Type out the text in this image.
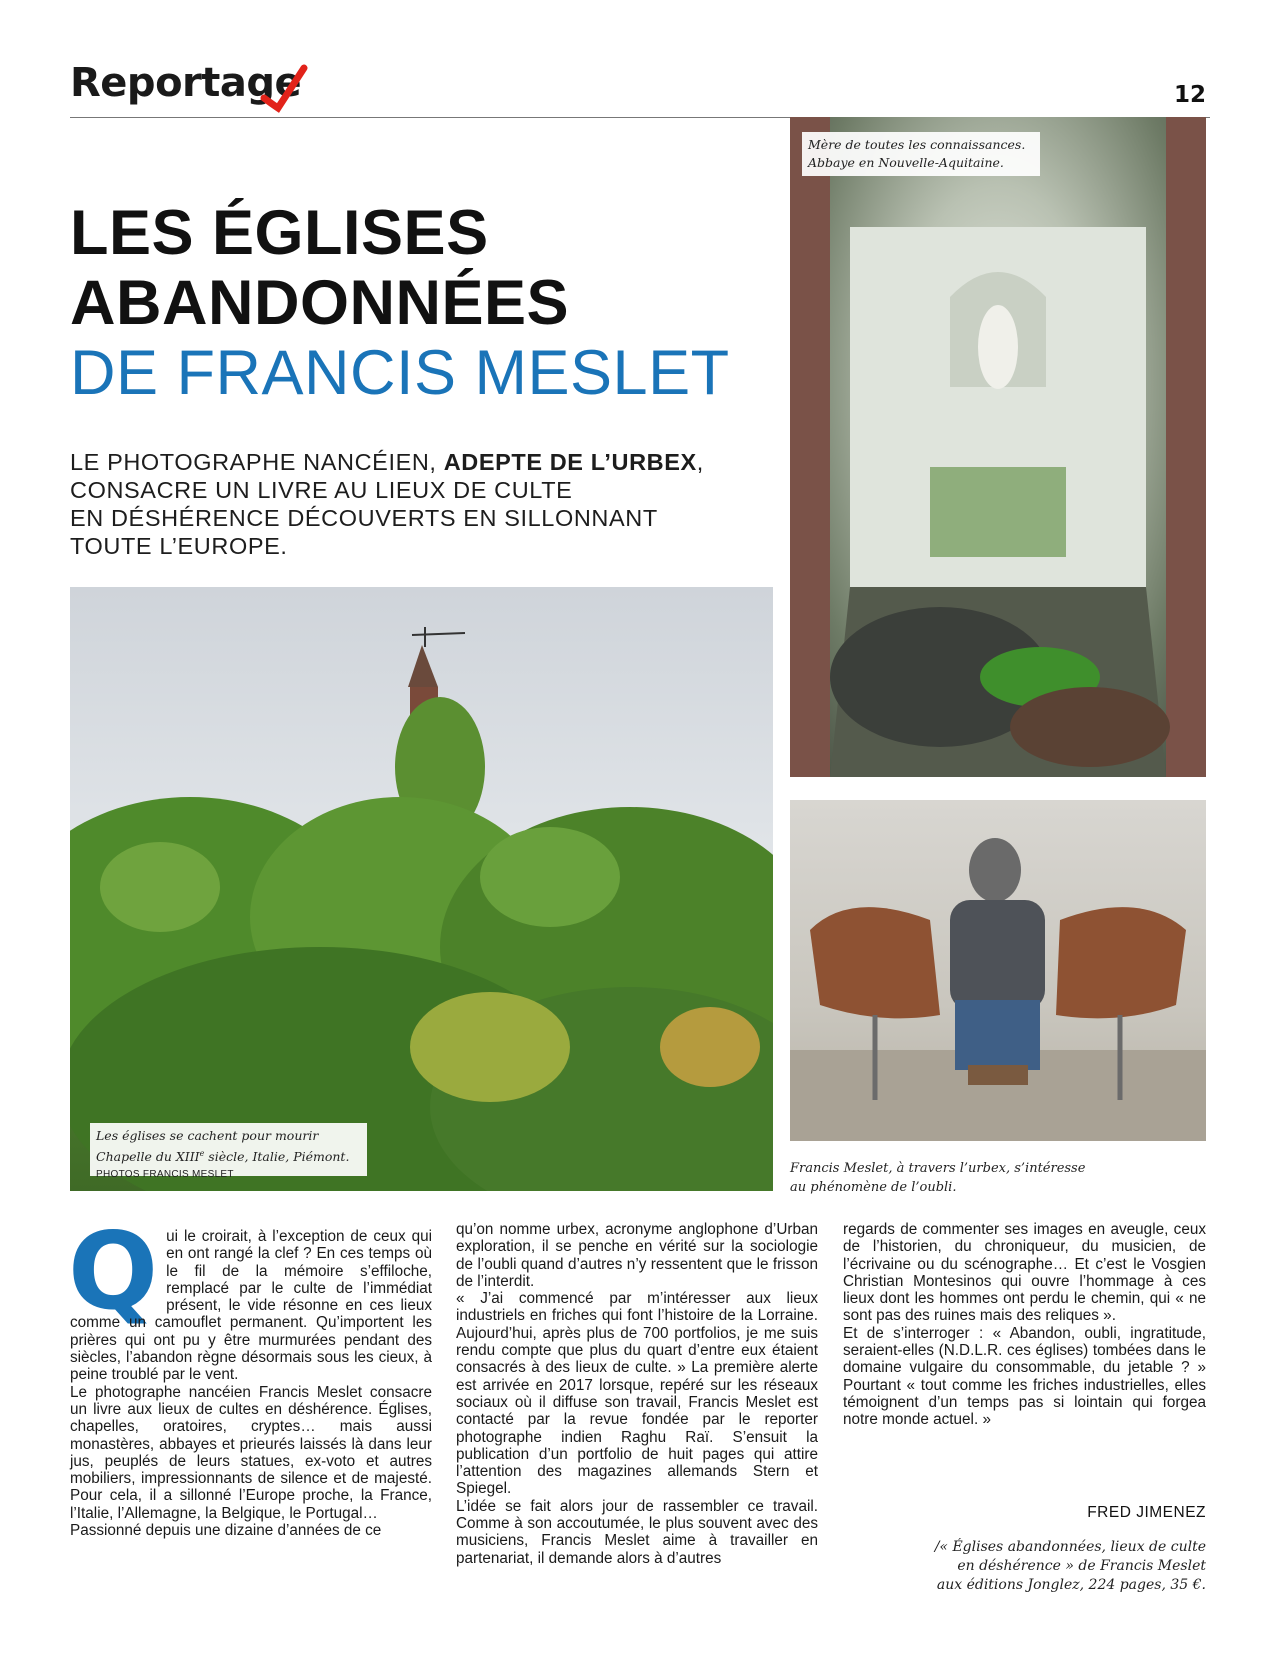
Reportage	12
LES ÉGLISES
ABANDONNÉES
DE FRANCIS MESLET
LE PHOTOGRAPHE NANCÉIEN, ADEPTE DE L’URBEX,
CONSACRE UN LIVRE AU LIEUX DE CULTE
EN DÉSHÉRENCE DÉCOUVERTS EN SILLONNANT
TOUTE L’EUROPE.
Les églises se cachent pour mourir
Chapelle du XIIIe siècle, Italie, Piémont.
PHOTOS FRANCIS MESLET
Mère de toutes les connaissances.
Abbaye en Nouvelle-Aquitaine.
Francis Meslet, à travers l’urbex, s’intéresse
au phénomène de l’oubli.
Q ui le croirait, à l’exception de ceux qui en ont rangé la clef ? En ces temps où le fil de la mémoire s’effiloche, remplacé par le culte de l’immédiat présent, le vide résonne en ces lieux comme un camouflet permanent. Qu’importent les prières qui ont pu y être murmurées pendant des siècles, l’abandon règne désormais sous les cieux, à peine troublé par le vent.

Le photographe nancéien Francis Meslet consacre un livre aux lieux de cultes en déshérence. Églises, chapelles, oratoires, cryptes… mais aussi monastères, abbayes et prieurés laissés là dans leur jus, peuplés de leurs statues, ex-voto et autres mobiliers, impressionnants de silence et de majesté. Pour cela, il a sillonné l’Europe proche, la France, l’Italie, l’Allemagne, la Belgique, le Portugal…

Passionné depuis une dizaine d’années de ce

qu’on nomme urbex, acronyme anglophone d’Urban exploration, il se penche en vérité sur la sociologie de l’oubli quand d’autres n’y ressentent que le frisson de l’interdit.

« J’ai commencé par m’intéresser aux lieux industriels en friches qui font l’histoire de la Lorraine. Aujourd’hui, après plus de 700 portfolios, je me suis rendu compte que plus du quart d’entre eux étaient consacrés à des lieux de culte. » La première alerte est arrivée en 2017 lorsque, repéré sur les réseaux sociaux où il diffuse son travail, Francis Meslet est contacté par la revue fondée par le reporter photographe indien Raghu Raï. S’ensuit la publication d’un portfolio de huit pages qui attire l’attention des magazines allemands Stern et Spiegel.

L’idée se fait alors jour de rassembler ce travail. Comme à son accoutumée, le plus souvent avec des musiciens, Francis Meslet aime à travailler en partenariat, il demande alors à d’autres

regards de commenter ses images en aveugle, ceux de l’historien, du chroniqueur, du musicien, de l’écrivaine ou du scénographe… Et c’est le Vosgien Christian Montesinos qui ouvre l’hommage à ces lieux dont les hommes ont perdu le chemin, qui « ne sont pas des ruines mais des reliques ».

Et de s’interroger : « Abandon, oubli, ingratitude, seraient-elles (N.D.L.R. ces églises) tombées dans le domaine vulgaire du consommable, du jetable ? » Pourtant « tout comme les friches industrielles, elles témoignent d’un temps pas si lointain qui forgea notre monde actuel. »

FRED JIMENEZ
/« Églises abandonnées, lieux de culte
en déshérence » de Francis Meslet
aux éditions Jonglez, 224 pages, 35 €.
